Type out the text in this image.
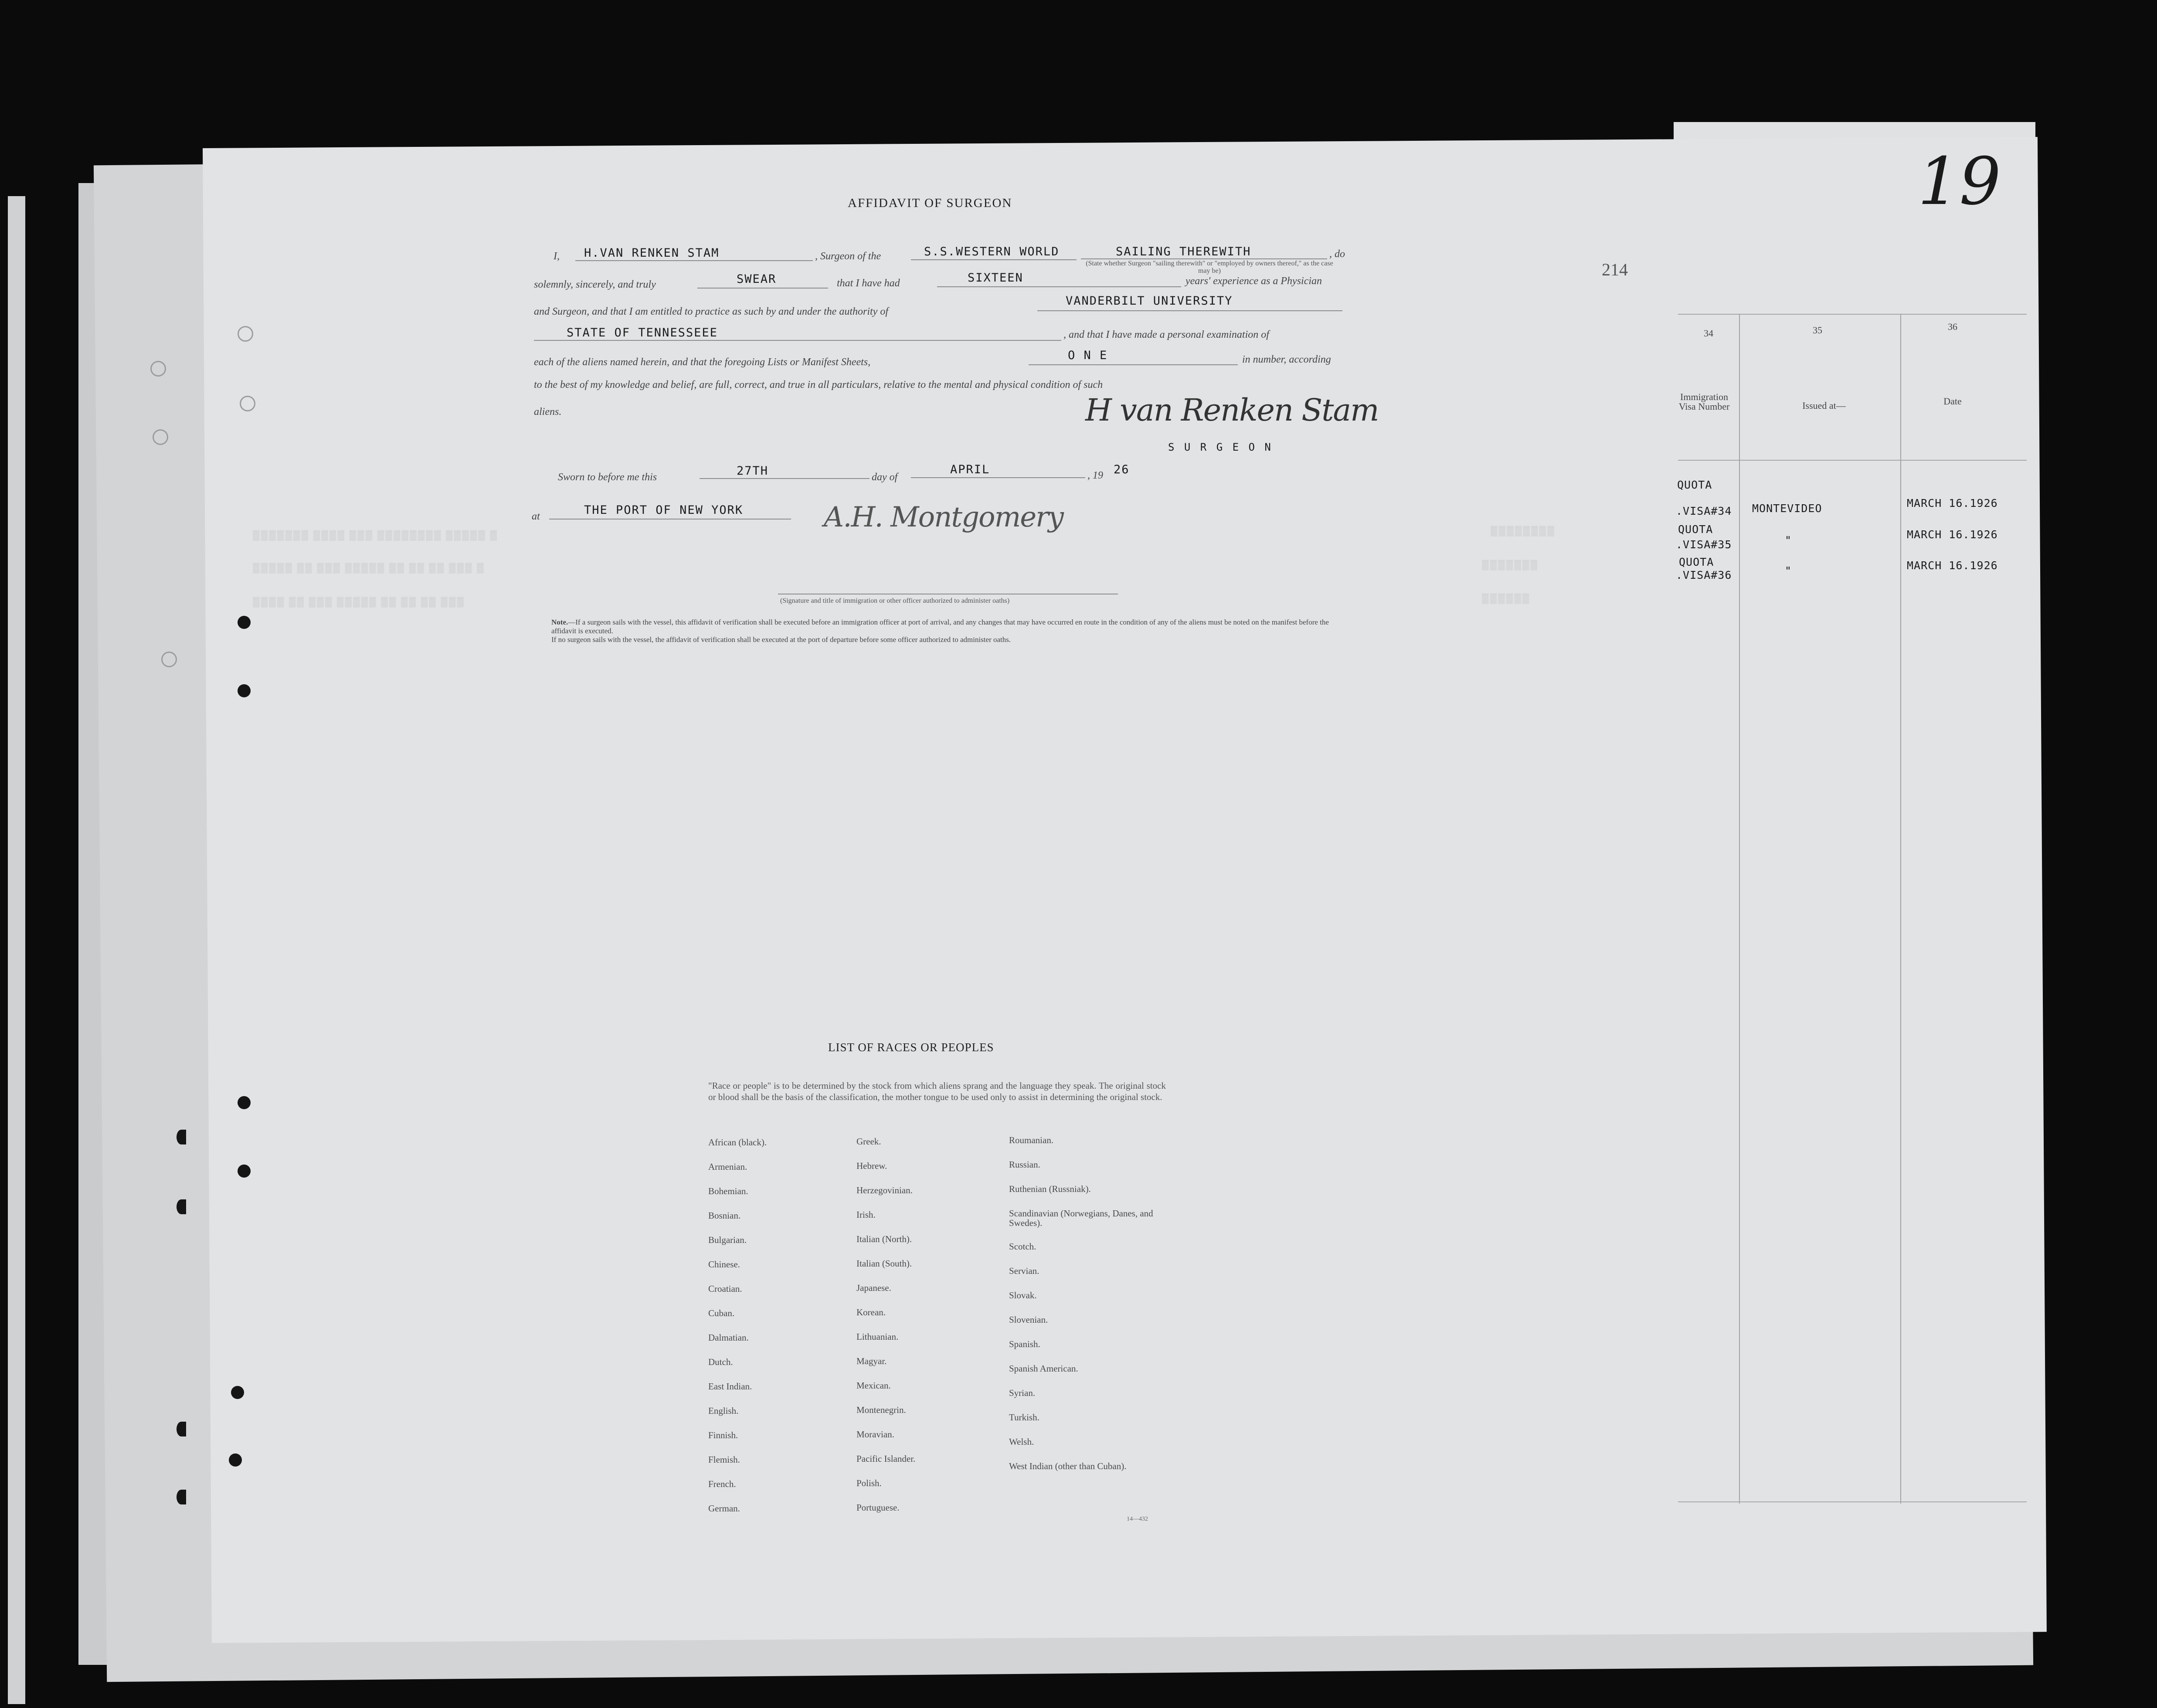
19
214
AFFIDAVIT OF SURGEON
I, H.VAN RENKEN STAM	, Surgeon of the	S.S.WESTERN WORLD	SAILING THEREWITH	, do
(State whether Surgeon "sailing therewith" or "employed by owners thereof," as the case may be)
solemnly, sincerely, and truly	SWEAR	that I have had	SIXTEEN	years' experience as a Physician
and Surgeon, and that I am entitled to practice as such by and under the authority of
VANDERBILT UNIVERSITY
STATE OF TENNESSEEE	, and that I have made a personal examination of
each of the aliens named herein, and that the foregoing Lists or Manifest Sheets,	O N E	in number, according
to the best of my knowledge and belief, are full, correct, and true in all particulars, relative to the mental and physical condition of such
aliens.	H van Renken Stam
S U R G E O N
Sworn to before me this	27TH	day of
APRIL	, 19 26
at	THE PORT OF NEW YORK
▒▒▒▒▒▒▒ ▒▒▒▒ ▒▒▒ ▒▒▒▒▒▒▒▒ ▒▒▒▒▒ ▒
▒▒▒▒▒ ▒▒ ▒▒▒ ▒▒▒▒▒ ▒▒ ▒▒ ▒▒ ▒▒▒ ▒
▒▒▒▒ ▒▒ ▒▒▒ ▒▒▒▒▒ ▒▒ ▒▒ ▒▒ ▒▒▒
▒▒▒▒▒▒▒▒
▒▒▒▒▒▒▒
▒▒▒▒▒▒
A.H. Montgomery
(Signature and title of immigration or other officer authorized to administer oaths)
Note.—If a surgeon sails with the vessel, this affidavit of verification shall be executed before an immigration officer at port of arrival, and any changes that may have occurred en route in the condition of any of the aliens must be noted on the manifest before the affidavit is executed.
If no surgeon sails with the vessel, the affidavit of verification shall be executed at the port of departure before some officer authorized to administer oaths.
34	35	36
Immigration Visa Number	Issued at—	Date
QUOTA
.VISA#34 MONTEVIDEO	MARCH 16.1926
QUOTA
.VISA#35	"	MARCH 16.1926
QUOTA
.VISA#36	"	MARCH 16.1926
LIST OF RACES OR PEOPLES
"Race or people" is to be determined by the stock from which aliens sprang and the language they speak. The original stock or blood shall be the basis of the classification, the mother tongue to be used only to assist in determining the original stock.
African (black).
Armenian.
Bohemian.
Bosnian.
Bulgarian.
Chinese.
Croatian.
Cuban.
Dalmatian.
Dutch.
East Indian.
English.
Finnish.
Flemish.
French.
German.
Greek.
Hebrew.
Herzegovinian.
Irish.
Italian (North).
Italian (South).
Japanese.
Korean.
Lithuanian.
Magyar.
Mexican.
Montenegrin.
Moravian.
Pacific Islander.
Polish.
Portuguese.
Roumanian.
Russian.
Ruthenian (Russniak).
Scandinavian (Norwegians, Danes, and Swedes).
Scotch.
Servian.
Slovak.
Slovenian.
Spanish.
Spanish American.
Syrian.
Turkish.
Welsh.
West Indian (other than Cuban).
14—432
